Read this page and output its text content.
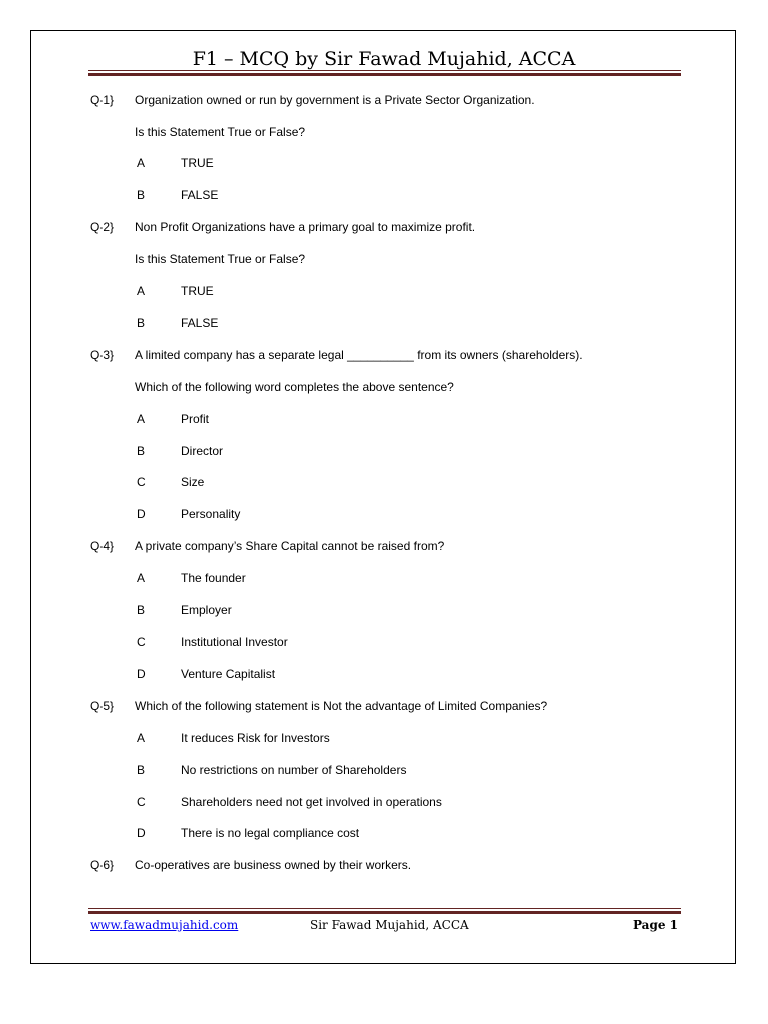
F1 – MCQ by Sir Fawad Mujahid, ACCA
Q-1} Organization owned or run by government is a Private Sector Organization.
Is this Statement True or False?
A	TRUE
B	FALSE
Q-2} Non Profit Organizations have a primary goal to maximize profit.
Is this Statement True or False?
A	TRUE
B	FALSE
Q-3} A limited company has a separate legal __________ from its owners (shareholders).
Which of the following word completes the above sentence?
A	Profit
B	Director
C	Size
D	Personality
Q-4} A private company’s Share Capital cannot be raised from?
A	The founder
B	Employer
C	Institutional Investor
D	Venture Capitalist
Q-5} Which of the following statement is Not the advantage of Limited Companies?
A	It reduces Risk for Investors
B	No restrictions on number of Shareholders
C	Shareholders need not get involved in operations
D	There is no legal compliance cost
Q-6} Co-operatives are business owned by their workers.
www.fawadmujahid.com	Sir Fawad Mujahid, ACCA	Page 1
